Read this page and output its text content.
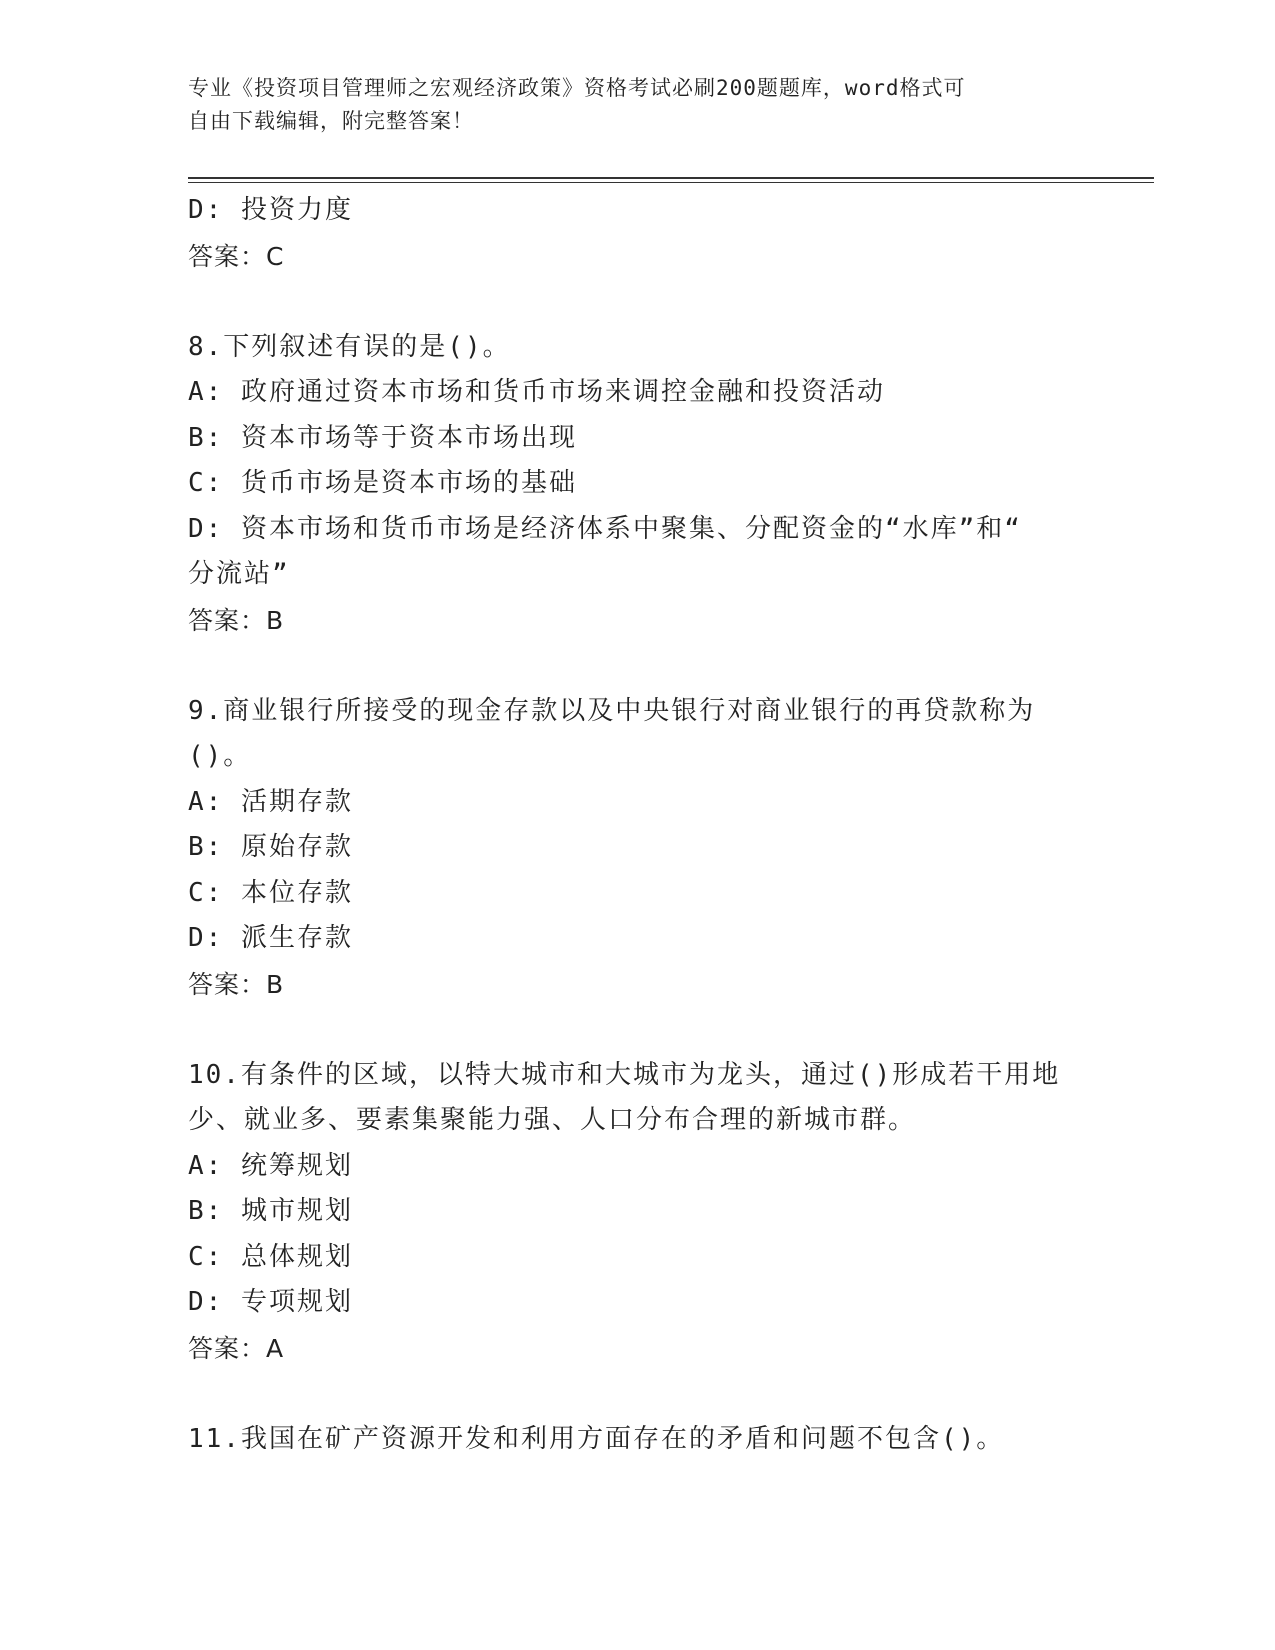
专业《投资项目管理师之宏观经济政策》资格考试必刷200题题库，word格式可
自由下载编辑，附完整答案！
D: 投资力度
答案：C
8.下列叙述有误的是()。
A: 政府通过资本市场和货币市场来调控金融和投资活动
B: 资本市场等于资本市场出现
C: 货币市场是资本市场的基础
D: 资本市场和货币市场是经济体系中聚集、分配资金的“水库”和“
分流站”
答案：B
9.商业银行所接受的现金存款以及中央银行对商业银行的再贷款称为
()。
A: 活期存款
B: 原始存款
C: 本位存款
D: 派生存款
答案：B
10.有条件的区域，以特大城市和大城市为龙头，通过()形成若干用地
少、就业多、要素集聚能力强、人口分布合理的新城市群。
A: 统筹规划
B: 城市规划
C: 总体规划
D: 专项规划
答案：A
11.我国在矿产资源开发和利用方面存在的矛盾和问题不包含()。
